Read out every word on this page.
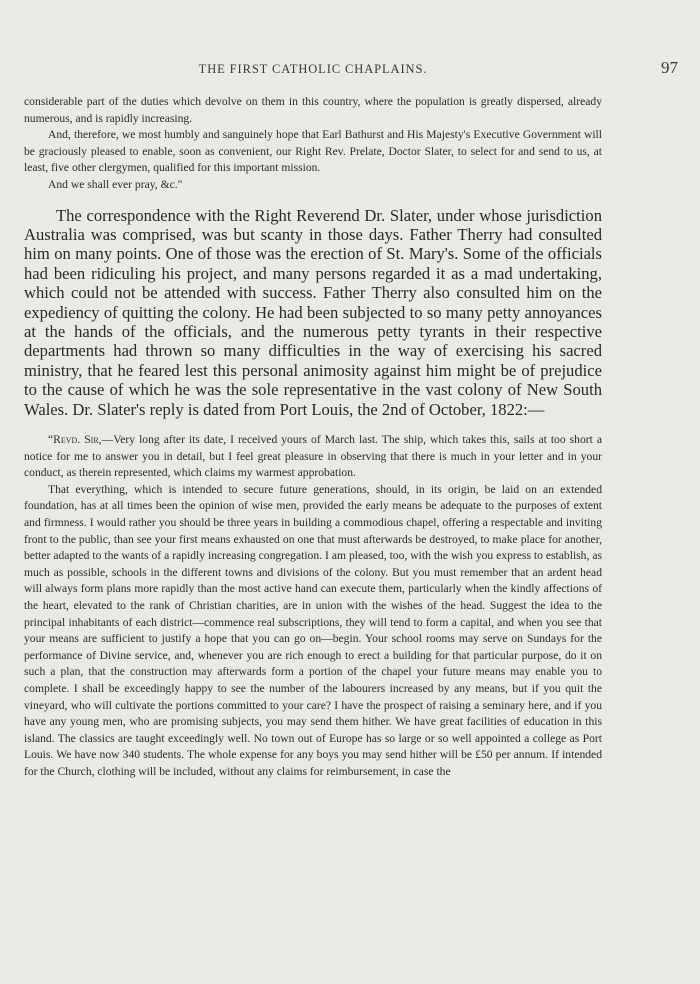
THE FIRST CATHOLIC CHAPLAINS.	97

considerable part of the duties which devolve on them in this country, where the population is greatly dispersed, already numerous, and is rapidly increasing.

And, therefore, we most humbly and sanguinely hope that Earl Bathurst and His Majesty's Executive Government will be graciously pleased to enable, soon as convenient, our Right Rev. Prelate, Doctor Slater, to select for and send to us, at least, five other clergymen, qualified for this important mission.

And we shall ever pray, &c."

The correspondence with the Right Reverend Dr. Slater, under whose jurisdiction Australia was comprised, was but scanty in those days. Father Therry had consulted him on many points. One of those was the erection of St. Mary's. Some of the officials had been ridiculing his project, and many persons regarded it as a mad undertaking, which could not be attended with success. Father Therry also consulted him on the expediency of quitting the colony. He had been subjected to so many petty annoyances at the hands of the officials, and the numerous petty tyrants in their respective departments had thrown so many difficulties in the way of exercising his sacred ministry, that he feared lest this personal animosity against him might be of prejudice to the cause of which he was the sole representative in the vast colony of New South Wales. Dr. Slater's reply is dated from Port Louis, the 2nd of October, 1822:—

“Revd. Sir,—Very long after its date, I received yours of March last. The ship, which takes this, sails at too short a notice for me to answer you in detail, but I feel great pleasure in observing that there is much in your letter and in your conduct, as therein represented, which claims my warmest approbation.

That everything, which is intended to secure future generations, should, in its origin, be laid on an extended foundation, has at all times been the opinion of wise men, provided the early means be adequate to the purposes of extent and firmness. I would rather you should be three years in building a commodious chapel, offering a respectable and inviting front to the public, than see your first means exhausted on one that must afterwards be destroyed, to make place for another, better adapted to the wants of a rapidly increasing congregation. I am pleased, too, with the wish you express to establish, as much as possible, schools in the different towns and divisions of the colony. But you must remember that an ardent head will always form plans more rapidly than the most active hand can execute them, particularly when the kindly affections of the heart, elevated to the rank of Christian charities, are in union with the wishes of the head. Suggest the idea to the principal inhabitants of each district—commence real subscriptions, they will tend to form a capital, and when you see that your means are sufficient to justify a hope that you can go on—begin. Your school rooms may serve on Sundays for the performance of Divine service, and, whenever you are rich enough to erect a building for that particular purpose, do it on such a plan, that the construction may afterwards form a portion of the chapel your future means may enable you to complete. I shall be exceedingly happy to see the number of the labourers increased by any means, but if you quit the vineyard, who will cultivate the portions committed to your care? I have the prospect of raising a seminary here, and if you have any young men, who are promising subjects, you may send them hither. We have great facilities of education in this island. The classics are taught exceedingly well. No town out of Europe has so large or so well appointed a college as Port Louis. We have now 340 students. The whole expense for any boys you may send hither will be £50 per annum. If intended for the Church, clothing will be included, without any claims for reimbursement, in case the
